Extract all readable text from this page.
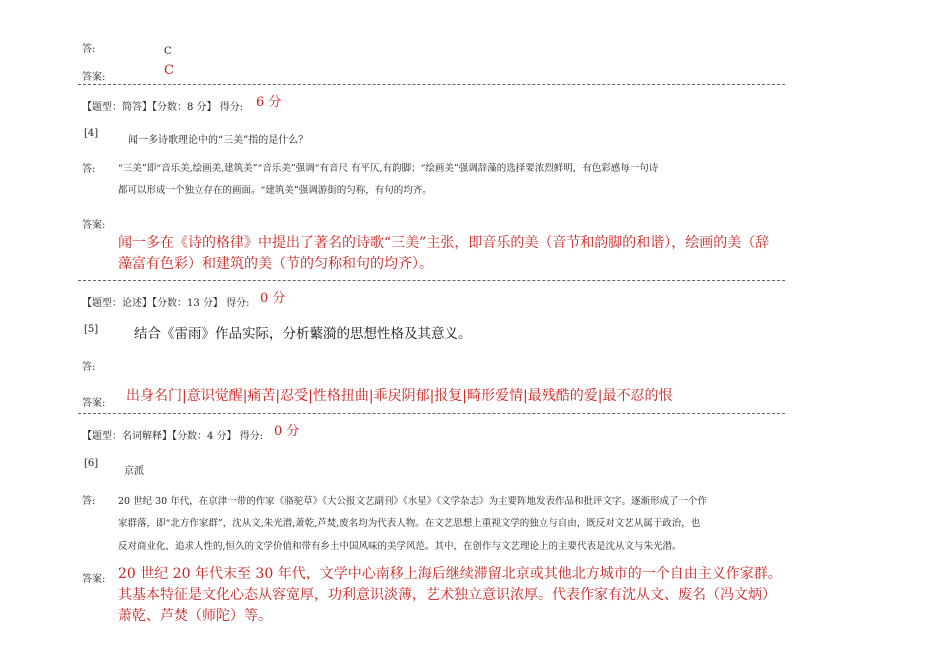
答:	C
答案:	C
【题型：简答】【分数：8 分】 得分: 6 分
[4]
闻一多诗歌理论中的“三美”指的是什么？
答: “三美”即“音乐美,绘画美,建筑美”“音乐美”强调“有音尺 有平仄,有韵脚；“绘画美”强调辞藻的选择要浓烈鲜明，有色彩感每一句诗
都可以形成一个独立存在的画面。“建筑美”强调游街的匀称，有句的均齐。
答案:
闻一多在《诗的格律》中提出了著名的诗歌“三美”主张，即音乐的美（音节和韵脚的和谐），绘画的美（辞
藻富有色彩）和建筑的美（节的匀称和句的均齐）。
【题型：论述】【分数：13 分】 得分: 0 分
[5]	结合《雷雨》作品实际，分析蘩漪的思想性格及其意义。
答:
答案: 出身名门|意识觉醒|痛苦|忍受|性格扭曲|乖戾阴郁|报复|畸形爱情|最残酷的爱|最不忍的恨
【题型：名词解释】【分数：4 分】 得分: 0 分
[6]
京派
答: 20 世纪 30 年代，在京津一带的作家《骆驼草》《大公报文艺副刊》《水星》《文学杂志》为主要阵地发表作品和批评文字。逐渐形成了一个作
家群落，即“北方作家群”，沈从文,朱光潜,萧乾,芦焚,废名均为代表人物。在文艺思想上重视文学的独立与自由，既反对文艺从属于政治，也
反对商业化，追求人性的,恒久的文学价值和带有乡土中国风味的美学风范。其中，在创作与文艺理论上的主要代表是沈从文与朱光潜。
答案: 20 世纪 20 年代末至 30 年代，文学中心南移上海后继续滞留北京或其他北方城市的一个自由主义作家群。
其基本特征是文化心态从容宽厚，功利意识淡薄，艺术独立意识浓厚。代表作家有沈从文、废名（冯文炳）
萧乾、芦焚（师陀）等。
